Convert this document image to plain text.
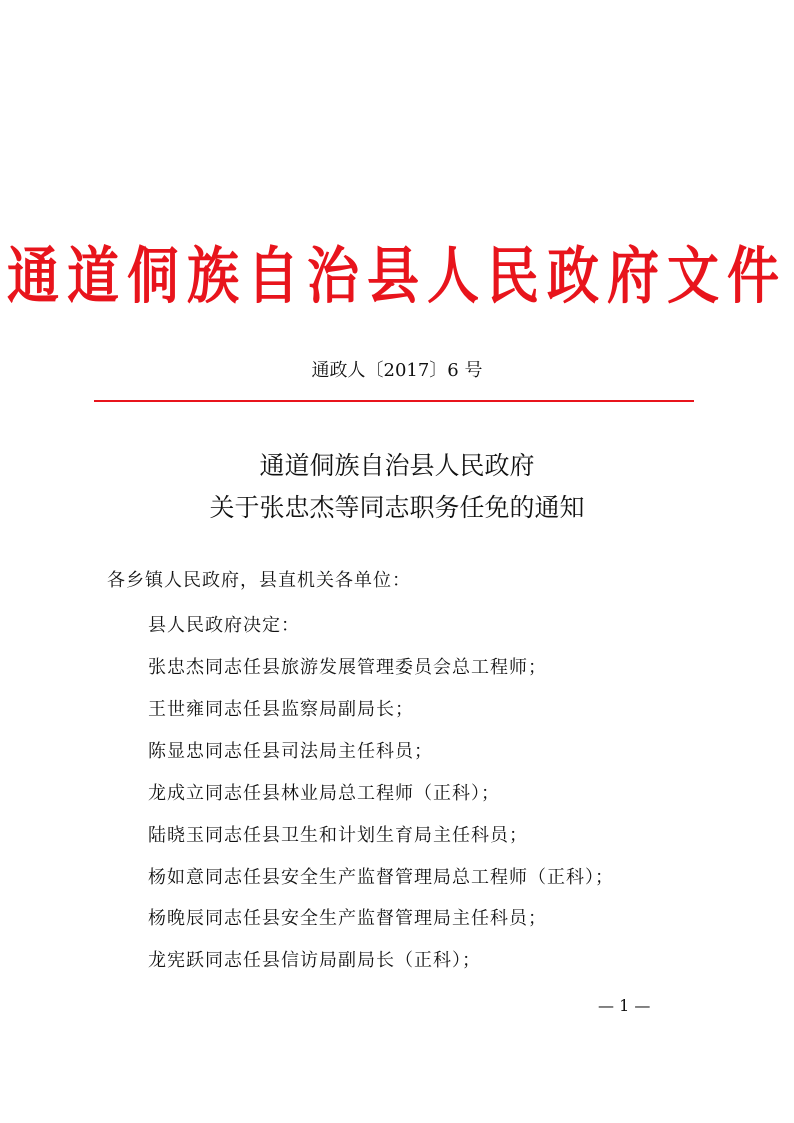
通道侗族自治县人民政府文件
通政人〔2017〕6 号
通道侗族自治县人民政府
关于张忠杰等同志职务任免的通知
各乡镇人民政府，县直机关各单位：
县人民政府决定：
张忠杰同志任县旅游发展管理委员会总工程师；
王世雍同志任县监察局副局长；
陈显忠同志任县司法局主任科员；
龙成立同志任县林业局总工程师（正科）；
陆晓玉同志任县卫生和计划生育局主任科员；
杨如意同志任县安全生产监督管理局总工程师（正科）；
杨晚辰同志任县安全生产监督管理局主任科员；
龙宪跃同志任县信访局副局长（正科）；
— 1 —
